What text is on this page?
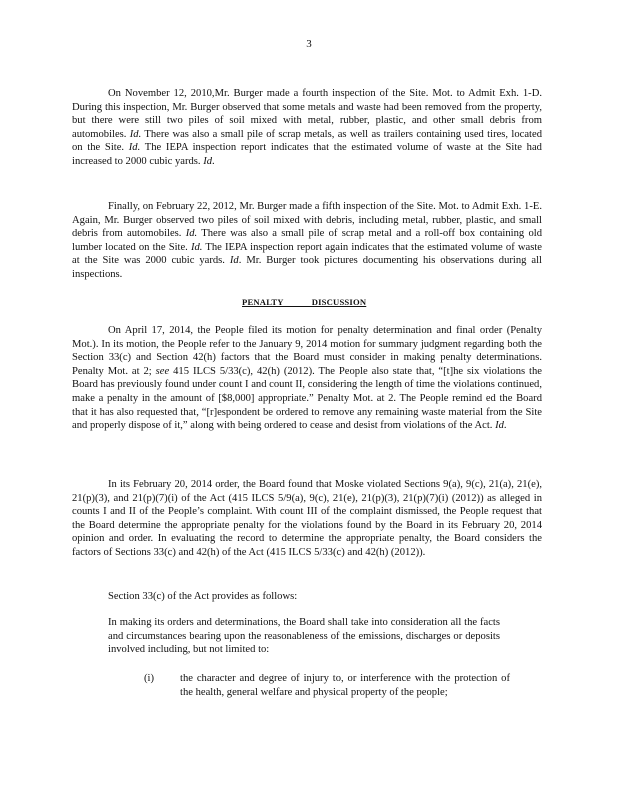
3

On November 12, 2010,Mr. Burger made a fourth inspection of the Site. Mot. to Admit Exh. 1-D. During this inspection, Mr. Burger observed that some metals and waste had been removed from the property, but there were still two piles of soil mixed with metal, rubber, plastic, and other small debris from automobiles. Id. There was also a small pile of scrap metals, as well as trailers containing used tires, located on the Site. Id. The IEPA inspection report indicates that the estimated volume of waste at the Site had increased to 2000 cubic yards. Id.

Finally, on February 22, 2012, Mr. Burger made a fifth inspection of the Site. Mot. to Admit Exh. 1-E. Again, Mr. Burger observed two piles of soil mixed with debris, including metal, rubber, plastic, and small debris from automobiles. Id. There was also a small pile of scrap metal and a roll-off box containing old lumber located on the Site. Id. The IEPA inspection report again indicates that the estimated volume of waste at the Site was 2000 cubic yards. Id. Mr. Burger took pictures documenting his observations during all inspections.

PENALTY DISCUSSION

On April 17, 2014, the People filed its motion for penalty determination and final order (Penalty Mot.). In its motion, the People refer to the January 9, 2014 motion for summary judgment regarding both the Section 33(c) and Section 42(h) factors that the Board must consider in making penalty determinations. Penalty Mot. at 2; see 415 ILCS 5/33(c), 42(h) (2012). The People also state that, “[t]he six violations the Board has previously found under count I and count II, considering the length of time the violations continued, make a penalty in the amount of [$8,000] appropriate.” Penalty Mot. at 2. The People remind ed the Board that it has also requested that, “[r]espondent be ordered to remove any remaining waste material from the Site and properly dispose of it,” along with being ordered to cease and desist from violations of the Act. Id.

In its February 20, 2014 order, the Board found that Moske violated Sections 9(a), 9(c), 21(a), 21(e), 21(p)(3), and 21(p)(7)(i) of the Act (415 ILCS 5/9(a), 9(c), 21(e), 21(p)(3), 21(p)(7)(i) (2012)) as alleged in counts I and II of the People’s complaint. With count III of the complaint dismissed, the People request that the Board determine the appropriate penalty for the violations found by the Board in its February 20, 2014 opinion and order. In evaluating the record to determine the appropriate penalty, the Board considers the factors of Sections 33(c) and 42(h) of the Act (415 ILCS 5/33(c) and 42(h) (2012)).

Section 33(c) of the Act provides as follows:

In making its orders and determinations, the Board shall take into consideration all the facts and circumstances bearing upon the reasonableness of the emissions, discharges or deposits involved including, but not limited to:

(i) the character and degree of injury to, or interference with the protection of the health, general welfare and physical property of the people;
